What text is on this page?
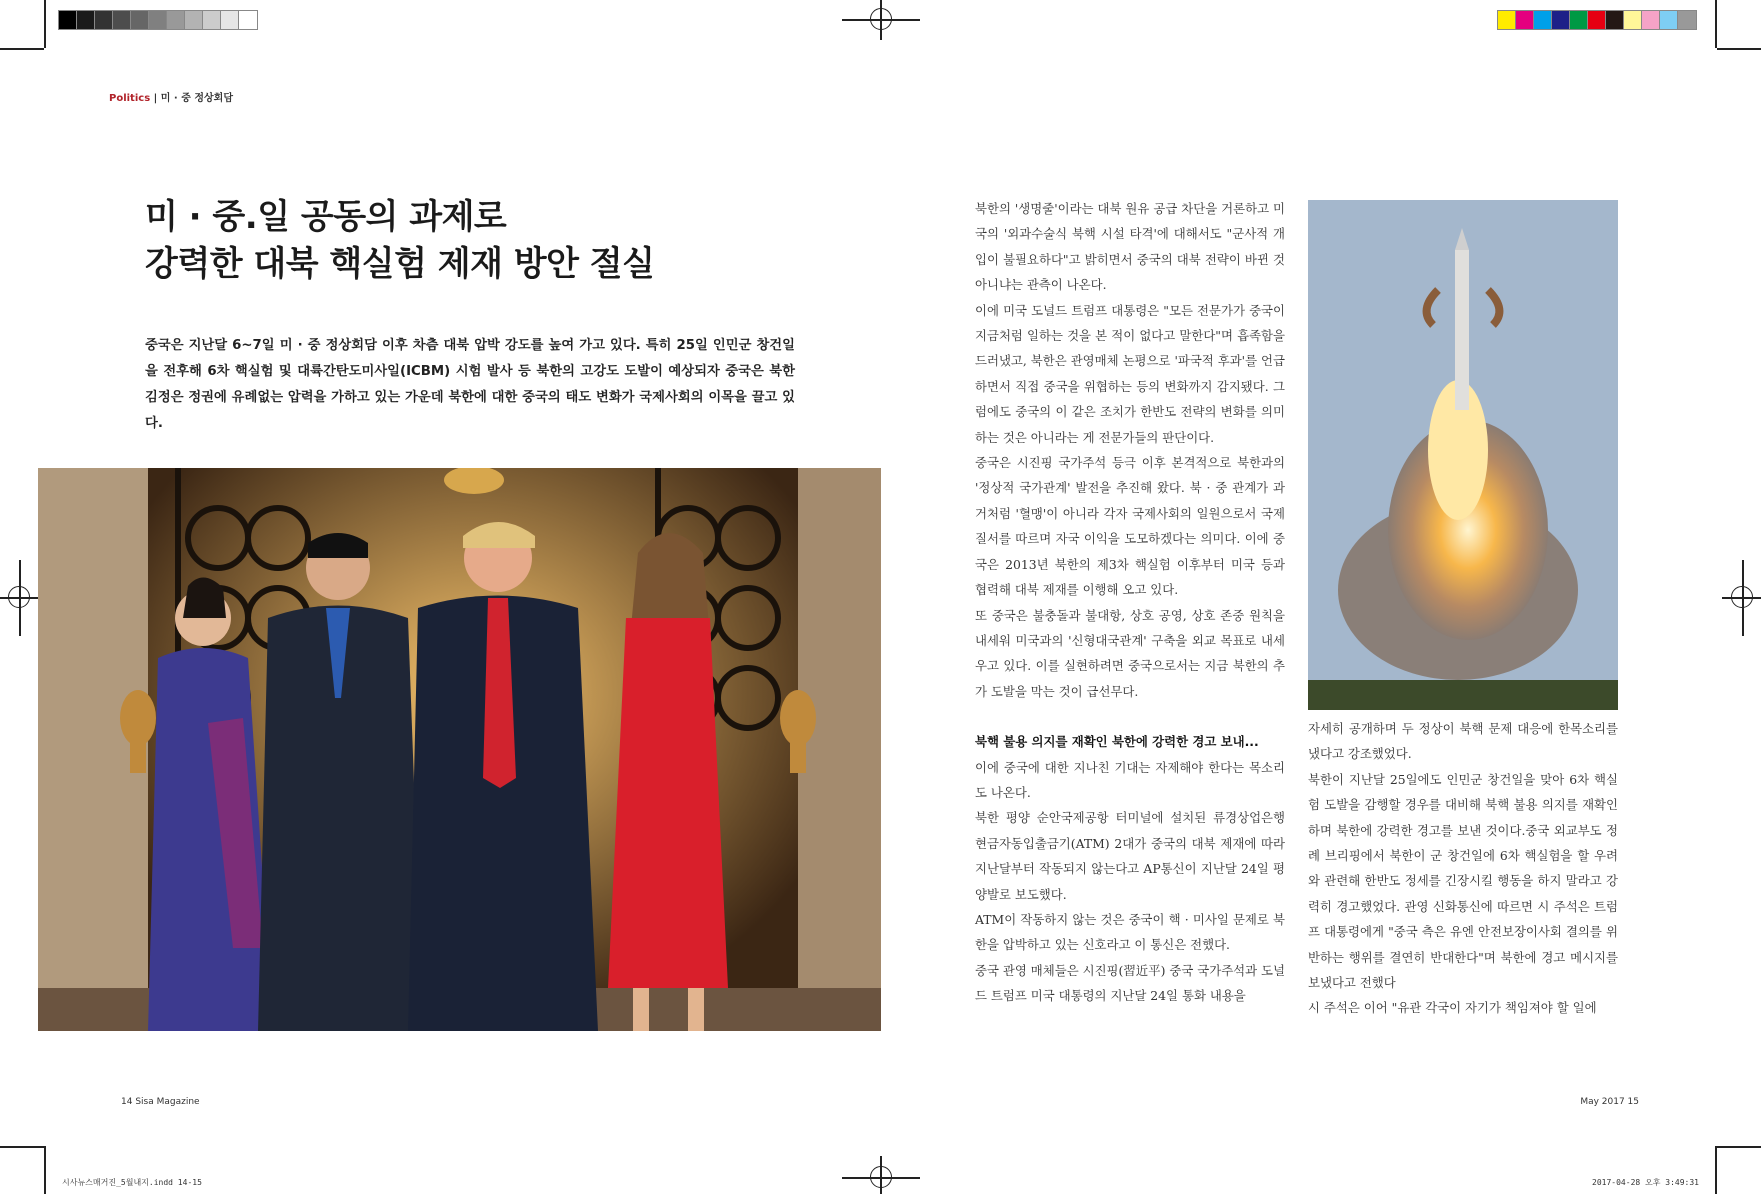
Politics | 미 · 중 정상회담
미 · 중.일 공동의 과제로
강력한 대북 핵실험 제재 방안 절실
중국은 지난달 6~7일 미 · 중 정상회담 이후 차츰 대북 압박 강도를 높여 가고 있다. 특히 25일 인민군 창건일을 전후해 6차 핵실험 및 대륙간탄도미사일(ICBM) 시험 발사 등 북한의 고강도 도발이 예상되자 중국은 북한 김정은 정권에 유례없는 압력을 가하고 있는 가운데 북한에 대한 중국의 태도 변화가 국제사회의 이목을 끌고 있다.

북한의 '생명줄'이라는 대북 원유 공급 차단을 거론하고 미국의 '외과수술식 북핵 시설 타격'에 대해서도 "군사적 개입이 불필요하다"고 밝히면서 중국의 대북 전략이 바뀐 것 아니냐는 관측이 나온다.

이에 미국 도널드 트럼프 대통령은 "모든 전문가가 중국이 지금처럼 일하는 것을 본 적이 없다고 말한다"며 흡족함을 드러냈고, 북한은 관영매체 논평으로 '파국적 후과'를 언급하면서 직접 중국을 위협하는 등의 변화까지 감지됐다. 그럼에도 중국의 이 같은 조치가 한반도 전략의 변화를 의미하는 것은 아니라는 게 전문가들의 판단이다.

중국은 시진핑 국가주석 등극 이후 본격적으로 북한과의 '정상적 국가관계' 발전을 추진해 왔다. 북 · 중 관계가 과거처럼 '혈맹'이 아니라 각자 국제사회의 일원으로서 국제질서를 따르며 자국 이익을 도모하겠다는 의미다. 이에 중국은 2013년 북한의 제3차 핵실험 이후부터 미국 등과 협력해 대북 제재를 이행해 오고 있다.

또 중국은 불충돌과 불대항, 상호 공영, 상호 존중 원칙을 내세워 미국과의 '신형대국관계' 구축을 외교 목표로 내세우고 있다. 이를 실현하려면 중국으로서는 지금 북한의 추가 도발을 막는 것이 급선무다.

북핵 불용 의지를 재확인 북한에 강력한 경고 보내...

이에 중국에 대한 지나친 기대는 자제해야 한다는 목소리도 나온다.

북한 평양 순안국제공항 터미널에 설치된 류경상업은행 현금자동입출금기(ATM) 2대가 중국의 대북 제재에 따라 지난달부터 작동되지 않는다고 AP통신이 지난달 24일 평양발로 보도했다.

ATM이 작동하지 않는 것은 중국이 핵 · 미사일 문제로 북한을 압박하고 있는 신호라고 이 통신은 전했다.

중국 관영 매체들은 시진핑(習近平) 중국 국가주석과 도널드 트럼프 미국 대통령의 지난달 24일 통화 내용을

자세히 공개하며 두 정상이 북핵 문제 대응에 한목소리를 냈다고 강조했었다.

북한이 지난달 25일에도 인민군 창건일을 맞아 6차 핵실험 도발을 감행할 경우를 대비해 북핵 불용 의지를 재확인하며 북한에 강력한 경고를 보낸 것이다.중국 외교부도 정례 브리핑에서 북한이 군 창건일에 6차 핵실험을 할 우려와 관련해 한반도 정세를 긴장시킬 행동을 하지 말라고 강력히 경고했었다. 관영 신화통신에 따르면 시 주석은 트럼프 대통령에게 "중국 측은 유엔 안전보장이사회 결의를 위반하는 행위를 결연히 반대한다"며 북한에 경고 메시지를 보냈다고 전했다

시 주석은 이어 "유관 각국이 자기가 책임져야 할 일에

14 Sisa Magazine	May 2017 15
시사뉴스매거진_5월내지.indd 14-15	2017-04-28 오후 3:49:31
